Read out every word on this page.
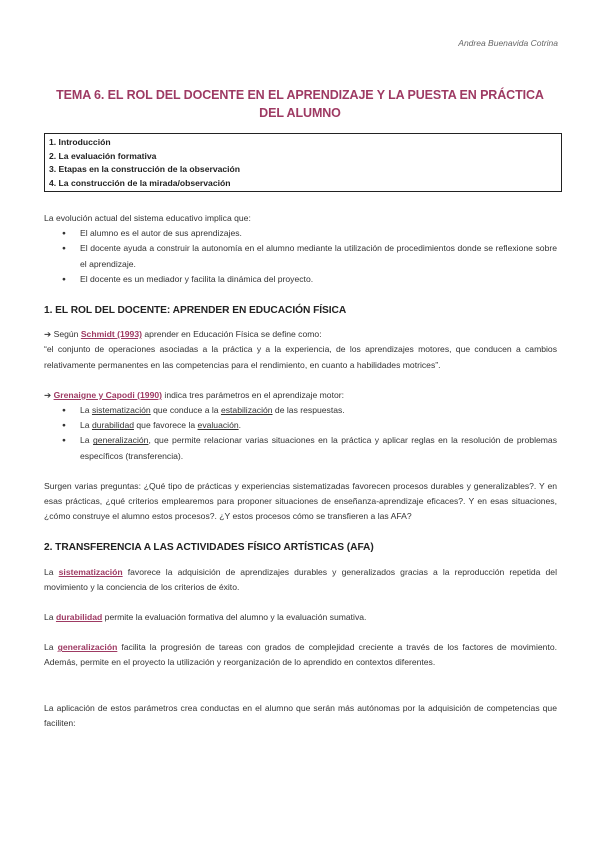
Andrea Buenavida Cotrina
TEMA 6. EL ROL DEL DOCENTE EN EL APRENDIZAJE Y LA PUESTA EN PRÁCTICA DEL ALUMNO
1. Introducción
2. La evaluación formativa
3. Etapas en la construcción de la observación
4. La construcción de la mirada/observación

La evolución actual del sistema educativo implica que:

● El alumno es el autor de sus aprendizajes.
● El docente ayuda a construir la autonomía en el alumno mediante la utilización de procedimientos donde se reflexione sobre el aprendizaje.
● El docente es un mediador y facilita la dinámica del proyecto.
1. EL ROL DEL DOCENTE: APRENDER EN EDUCACIÓN FÍSICA

➔ Según Schmidt (1993) aprender en Educación Física se define como:

“el conjunto de operaciones asociadas a la práctica y a la experiencia, de los aprendizajes motores, que conducen a cambios relativamente permanentes en las competencias para el rendimiento, en cuanto a habilidades motrices”.

➔ Grenaigne y Capodi (1990) indica tres parámetros en el aprendizaje motor:

● La sistematización que conduce a la estabilización de las respuestas.
● La durabilidad que favorece la evaluación.
● La generalización, que permite relacionar varias situaciones en la práctica y aplicar reglas en la resolución de problemas específicos (transferencia).

Surgen varias preguntas: ¿Qué tipo de prácticas y experiencias sistematizadas favorecen procesos durables y generalizables?. Y en esas prácticas, ¿qué criterios emplearemos para proponer situaciones de enseñanza-aprendizaje eficaces?. Y en esas situaciones, ¿cómo construye el alumno estos procesos?. ¿Y estos procesos cómo se transfieren a las AFA?

2. TRANSFERENCIA A LAS ACTIVIDADES FÍSICO ARTÍSTICAS (AFA)

La sistematización favorece la adquisición de aprendizajes durables y generalizados gracias a la reproducción repetida del movimiento y la conciencia de los criterios de éxito.

La durabilidad permite la evaluación formativa del alumno y la evaluación sumativa.

La generalización facilita la progresión de tareas con grados de complejidad creciente a través de los factores de movimiento. Además, permite en el proyecto la utilización y reorganización de lo aprendido en contextos diferentes.

La aplicación de estos parámetros crea conductas en el alumno que serán más autónomas por la adquisición de competencias que faciliten:
